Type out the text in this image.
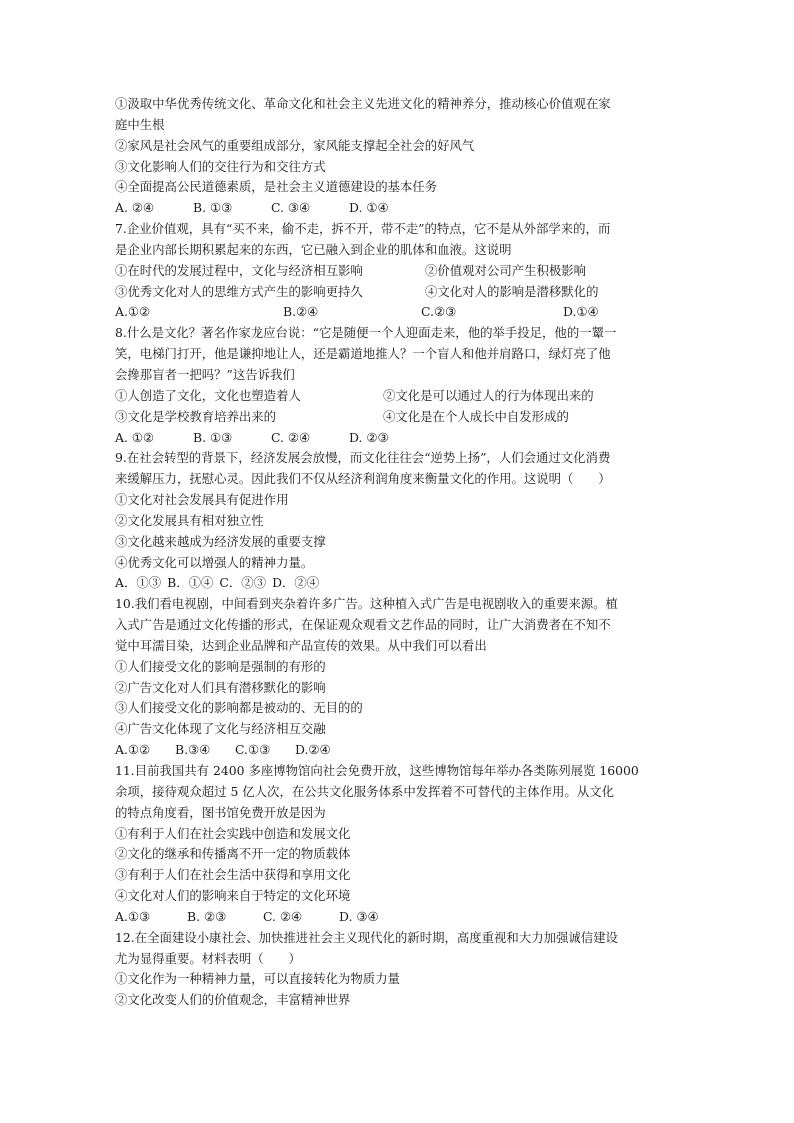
①汲取中华优秀传统文化、革命文化和社会主义先进文化的精神养分，推动核心价值观在家
庭中生根
②家风是社会风气的重要组成部分，家风能支撑起全社会的好风气
③文化影响人们的交往行为和交往方式
④全面提高公民道德素质，是社会主义道德建设的基本任务
A. ②④	B. ①③	C. ③④	D. ①④
7.企业价值观，具有“买不来，偷不走，拆不开，带不走”的特点，它不是从外部学来的，而
是企业内部长期积累起来的东西，它已融入到企业的肌体和血液。这说明
①在时代的发展过程中，文化与经济相互影响	②价值观对公司产生积极影响
③优秀文化对人的思维方式产生的影响更持久	④文化对人的影响是潜移默化的
A.①②	B.②④	C.②③	D.①④
8.什么是文化？著名作家龙应台说：“它是随便一个人迎面走来，他的举手投足，他的一颦一
笑，电梯门打开，他是谦抑地让人，还是霸道地推人？一个盲人和他并肩路口，绿灯亮了他
会搀那盲者一把吗？”这告诉我们
①人创造了文化，文化也塑造着人	②文化是可以通过人的行为体现出来的
③文化是学校教育培养出来的	④文化是在个人成长中自发形成的
A. ①②	B. ①③	C. ②④	D. ②③
9.在社会转型的背景下，经济发展会放慢，而文化往往会“逆势上扬”，人们会通过文化消费
来缓解压力，抚慰心灵。因此我们不仅从经济利润角度来衡量文化的作用。这说明（　　）
①文化对社会发展具有促进作用
②文化发展具有相对独立性
③文化越来越成为经济发展的重要支撑
④优秀文化可以增强人的精神力量。
A．①③ B．①④ C．②③ D．②④
10.我们看电视剧，中间看到夹杂着许多广告。这种植入式广告是电视剧收入的重要来源。植
入式广告是通过文化传播的形式，在保证观众观看文艺作品的同时，让广大消费者在不知不
觉中耳濡目染，达到企业品牌和产品宣传的效果。从中我们可以看出
①人们接受文化的影响是强制的有形的
②广告文化对人们具有潜移默化的影响
③人们接受文化的影响都是被动的、无目的的
④广告文化体现了文化与经济相互交融
A.①②	B.③④	C.①③	D.②④
11.目前我国共有 2400 多座博物馆向社会免费开放，这些博物馆每年举办各类陈列展览 16000
余项，接待观众超过 5 亿人次，在公共文化服务体系中发挥着不可替代的主体作用。从文化
的特点角度看，图书馆免费开放是因为
①有利于人们在社会实践中创造和发展文化
②文化的继承和传播离不开一定的物质载体
③有利于人们在社会生活中获得和享用文化
④文化对人们的影响来自于特定的文化环境
A.①③	B. ②③	C. ②④	D. ③④
12.在全面建设小康社会、加快推进社会主义现代化的新时期，高度重视和大力加强诚信建设
尤为显得重要。材料表明（　　）
①文化作为一种精神力量，可以直接转化为物质力量
②文化改变人们的价值观念，丰富精神世界
